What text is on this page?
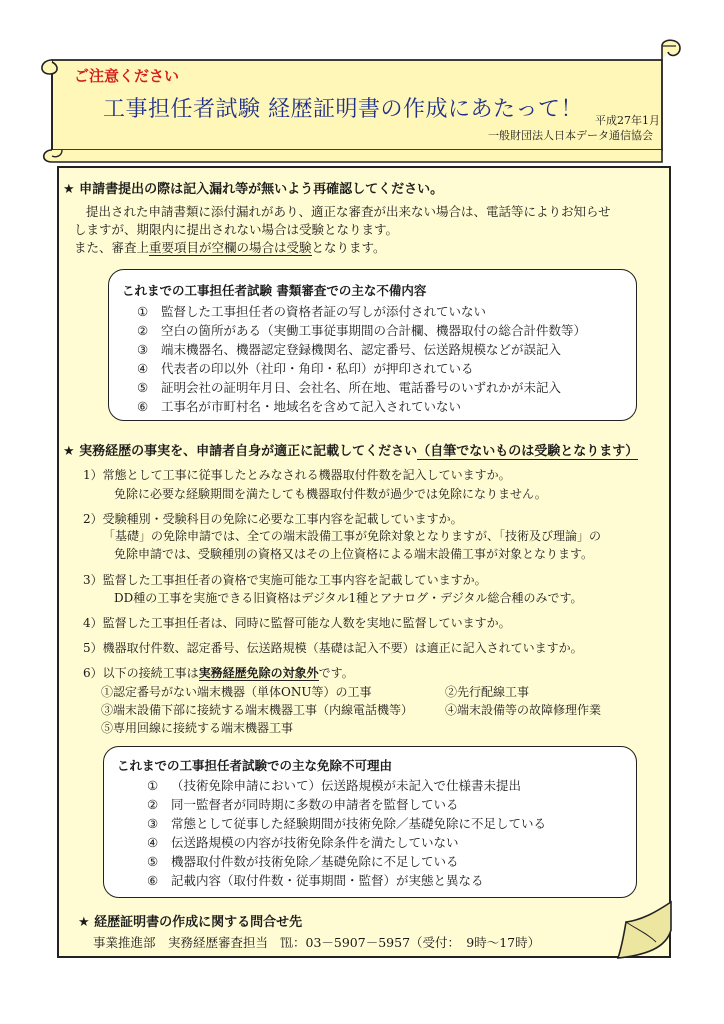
ご注意ください
工事担任者試験 経歴証明書の作成にあたって！ 平成27年1月
一般財団法人日本データ通信協会
★ 申請書提出の際は記入漏れ等が無いよう再確認してください。
提出された申請書類に添付漏れがあり、適正な審査が出来ない場合は、電話等によりお知らせ
しますが、期限内に提出されない場合は受験となります。
また、審査上重要項目が空欄の場合は受験となります。
これまでの工事担任者試験 書類審査での主な不備内容
① 監督した工事担任者の資格者証の写しが添付されていない
② 空白の箇所がある（実働工事従事期間の合計欄、機器取付の総合計件数等）
③ 端末機器名、機器認定登録機関名、認定番号、伝送路規模などが誤記入
④ 代表者の印以外（社印・角印・私印）が押印されている
⑤ 証明会社の証明年月日、会社名、所在地、電話番号のいずれかが未記入
⑥ 工事名が市町村名・地域名を含めて記入されていない
★ 実務経歴の事実を、申請者自身が適正に記載してください（自筆でないものは受験となります）
1）常態として工事に従事したとみなされる機器取付件数を記入していますか。
免除に必要な経験期間を満たしても機器取付件数が過少では免除になりません。
2）受験種別・受験科目の免除に必要な工事内容を記載していますか。
「基礎」の免除申請では、全ての端末設備工事が免除対象となりますが、「技術及び理論」の
免除申請では、受験種別の資格又はその上位資格による端末設備工事が対象となります。
3）監督した工事担任者の資格で実施可能な工事内容を記載していますか。
DD種の工事を実施できる旧資格はデジタル1種とアナログ・デジタル総合種のみです。
4）監督した工事担任者は、同時に監督可能な人数を実地に監督していますか。
5）機器取付件数、認定番号、伝送路規模（基礎は記入不要）は適正に記入されていますか。
6）以下の接続工事は実務経歴免除の対象外です。
①認定番号がない端末機器（単体ONU等）の工事	②先行配線工事
③端末設備下部に接続する端末機器工事（内線電話機等）	④端末設備等の故障修理作業
⑤専用回線に接続する端末機器工事
これまでの工事担任者試験での主な免除不可理由
① （技術免除申請において）伝送路規模が未記入で仕様書未提出
② 同一監督者が同時期に多数の申請者を監督している
③ 常態として従事した経験期間が技術免除／基礎免除に不足している
④ 伝送路規模の内容が技術免除条件を満たしていない
⑤ 機器取付件数が技術免除／基礎免除に不足している
⑥ 記載内容（取付件数・従事期間・監督）が実態と異なる
★ 経歴証明書の作成に関する問合せ先
事業推進部　実務経歴審査担当　℡：03－5907－5957（受付：　9時～17時）
